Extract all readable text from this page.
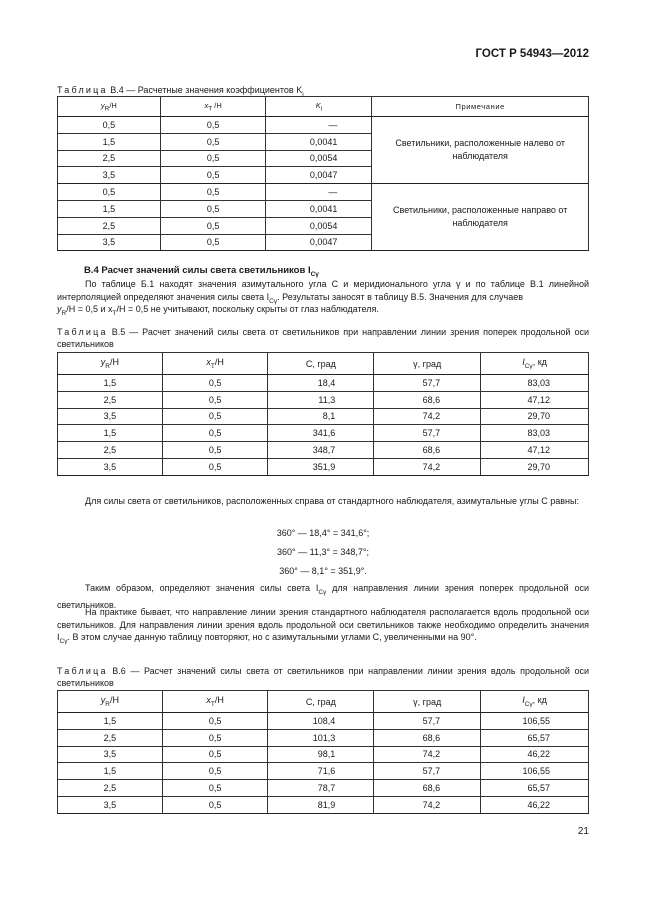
ГОСТ Р 54943—2012
Таблица В.4 — Расчетные значения коэффициентов $K_i$
$y_R/H$	$x_T$ /H	$K_i$	Примечание
0,5	0,5	—	Светильники, расположенные налево от наблюдателя
1,5	0,5	0,0041	
2,5	0,5	0,0054	
3,5	0,5	0,0047	
0,5	0,5	—	Светильники, расположенные направо от наблюдателя
1,5	0,5	0,0041	
2,5	0,5	0,0054	
3,5	0,5	0,0047	
В.4 Расчет значений силы света светильников $I_{C\gamma}$
По таблице Б.1 находят значения азимутального угла C и меридионального угла γ и по таблице В.1 линейной интерполяцией определяют значения силы света $I_{C\gamma}$. Результаты заносят в таблицу В.5. Значения для случаев
$y_R/H = 0,5$ и $x_T/H = 0,5$ не учитывают, поскольку скрыты от глаз наблюдателя.
Таблица В.5 — Расчет значений силы света от светильников при направлении линии зрения поперек продольной оси светильников
$y_R/H$	$x_T/H$	C, град	γ, град	$I_{C\gamma}$, кд
1,5	0,5	18,4	57,7	83,03
2,5	0,5	11,3	68,6	47,12
3,5	0,5	8,1	74,2	29,70
1,5	0,5	341,6	57,7	83,03
2,5	0,5	348,7	68,6	47,12
3,5	0,5	351,9	74,2	29,70
Для силы света от светильников, расположенных справа от стандартного наблюдателя, азимутальные углы C равны:
360° — 18,4° = 341,6°;
360° — 11,3° = 348,7°;
360° — 8,1° = 351,9°.
Таким образом, определяют значения силы света $I_{C\gamma}$ для направления линии зрения поперек продольной оси светильников.
На практике бывает, что направление линии зрения стандартного наблюдателя располагается вдоль продольной оси светильников. Для направления линии зрения вдоль продольной оси светильников также необходимо определить значения $I_{C\gamma}$. В этом случае данную таблицу повторяют, но с азимутальными углами C, увеличенными на 90°.
Таблица В.6 — Расчет значений силы света от светильников при направлении линии зрения вдоль продольной оси светильников
$y_R/H$	$x_T/H$	C, град	γ, град	$I_{C\gamma}$, кд
1,5	0,5	108,4	57,7	106,55
2,5	0,5	101,3	68,6	65,57
3,5	0,5	98,1	74,2	46,22
1,5	0,5	71,6	57,7	106,55
2,5	0,5	78,7	68,6	65,57
3,5	0,5	81,9	74,2	46,22
21
